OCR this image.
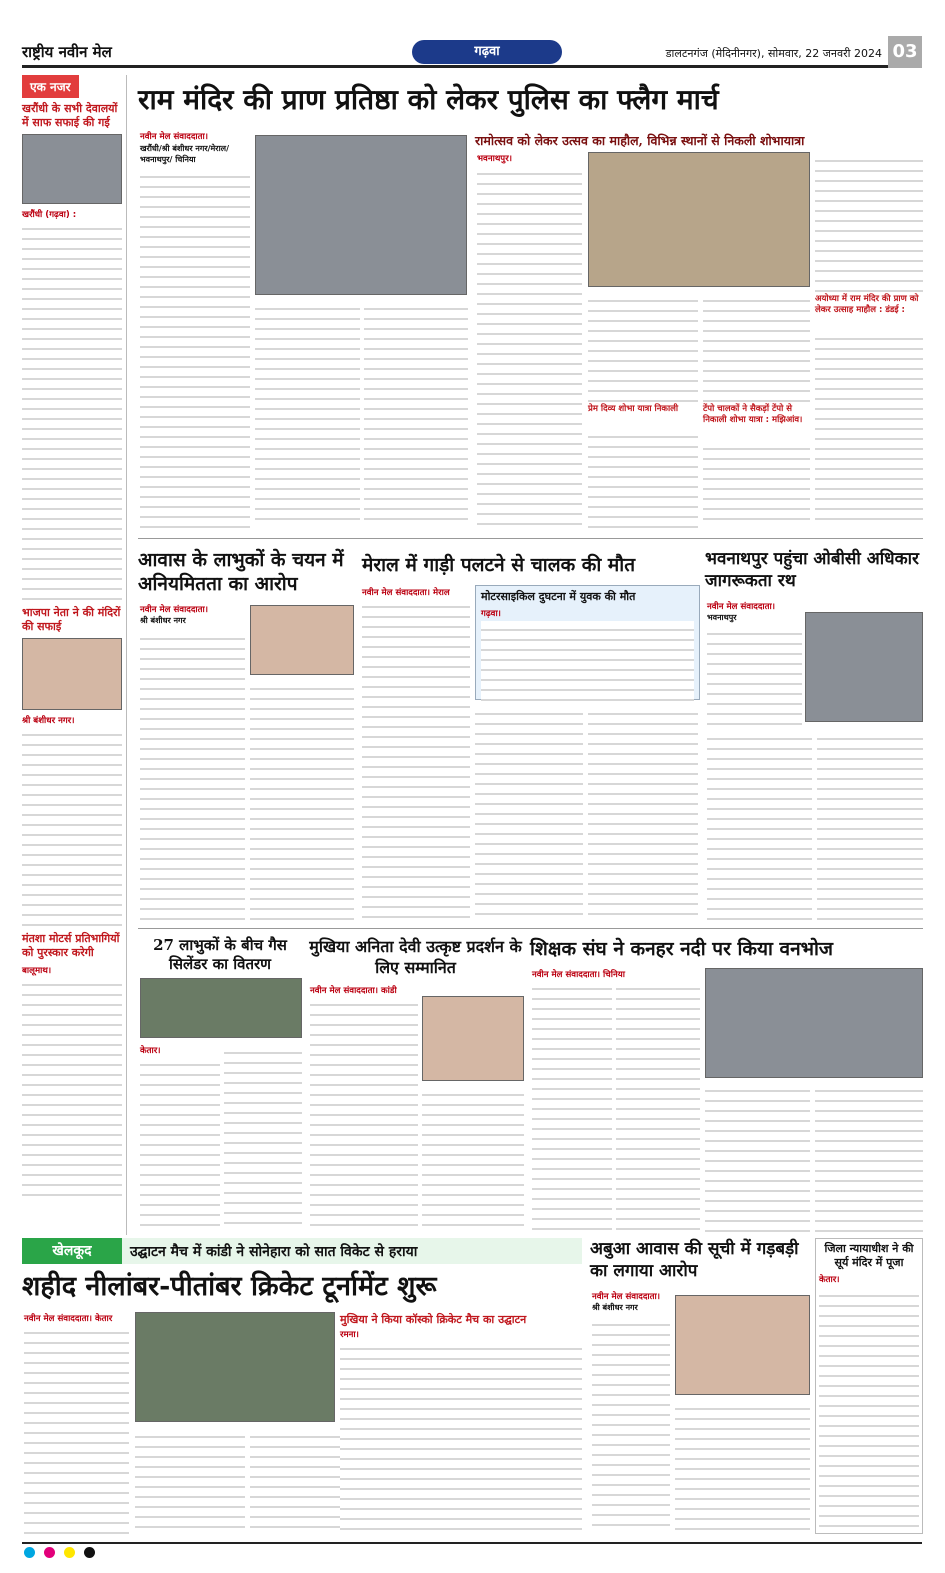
राष्ट्रीय नवीन मेल	गढ़वा	डालटनगंज (मेदिनीनगर), सोमवार, 22 जनवरी 2024 03
एक नजर
खरौंधी के सभी देवालयों में साफ सफाई की गई
खरौंधी (गढ़वा) :
भाजपा नेता ने की मंदिरों की सफाई
श्री बंशीधर नगर।
मंतशा मोटर्स प्रतिभागियों को पुरस्कार करेगी
बालूमाथ।
राम मंदिर की प्राण प्रतिष्ठा को लेकर पुलिस का फ्लैग मार्च
नवीन मेल संवाददाता।
खरौंधी/श्री बंशीधर नगर/मेराल/भवनाथपुर/ चिनिया
रामोत्सव को लेकर उत्सव का माहौल, विभिन्न स्थानों से निकली शोभायात्रा
भवनाथपुर।
प्रेम दिव्य शोभा यात्रा निकाली	टेंपो चालकों ने सैकड़ों टेंपो से निकाली शोभा यात्रा : मझिआंव।
अयोध्या में राम मंदिर की प्राण को लेकर उत्साह माहौल : डंडई :
आवास के लाभुकों के चयन में अनियमितता का आरोप
नवीन मेल संवाददाता।
श्री बंशीधर नगर
मेराल में गाड़ी पलटने से चालक की मौत
नवीन मेल संवाददाता। मेराल	मोटरसाइकिल दुघटना में युवक की मौत
गढ़वा।
भवनाथपुर पहुंचा ओबीसी अधिकार जागरूकता रथ
नवीन मेल संवाददाता।
भवनाथपुर
27 लाभुकों के बीच गैस सिलेंडर का वितरण
केतार।
मुखिया अनिता देवी उत्कृष्ट प्रदर्शन के लिए सम्मानित
नवीन मेल संवाददाता। कांडी
शिक्षक संघ ने कनहर नदी पर किया वनभोज
नवीन मेल संवाददाता। चिनिया
खेलकूद	उद्घाटन मैच में कांडी ने सोनेहारा को सात विकेट से हराया
शहीद नीलांबर-पीतांबर क्रिकेट टूर्नामेंट शुरू
नवीन मेल संवाददाता। केतार	मुखिया ने किया कॉस्को क्रिकेट मैच का उद्घाटन
रमना।
अबुआ आवास की सूची में गड़बड़ी का लगाया आरोप
नवीन मेल संवाददाता।
श्री बंशीधर नगर
जिला न्यायाधीश ने की सूर्य मंदिर में पूजा
केतार।
